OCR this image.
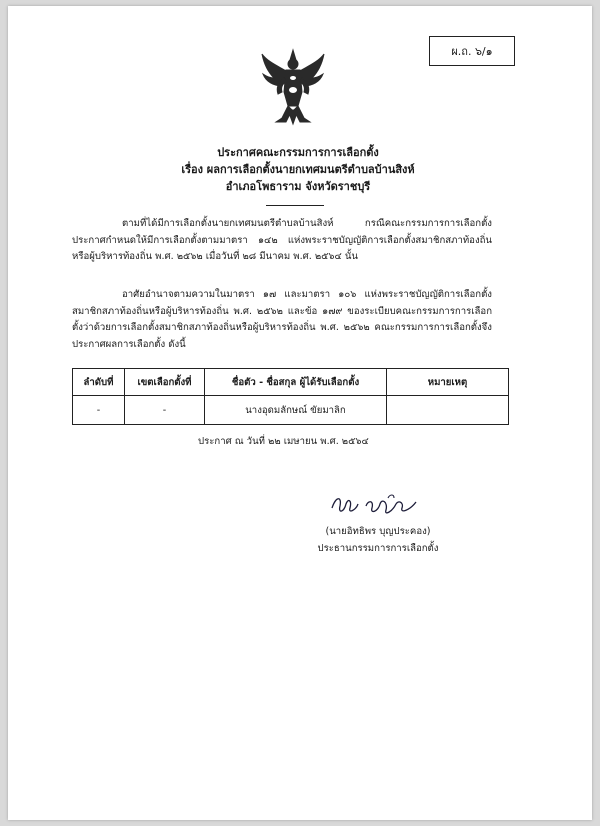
ผ.ถ. ๖/๑
ประกาศคณะกรรมการการเลือกตั้ง
เรื่อง ผลการเลือกตั้งนายกเทศมนตรีตำบลบ้านสิงห์
อำเภอโพธาราม จังหวัดราชบุรี

ตามที่ได้มีการเลือกตั้งนายกเทศมนตรีตำบลบ้านสิงห์ กรณีคณะกรรมการการเลือกตั้งประกาศกำหนดให้มีการเลือกตั้งตามมาตรา ๑๔๒ แห่งพระราชบัญญัติการเลือกตั้งสมาชิกสภาท้องถิ่นหรือผู้บริหารท้องถิ่น พ.ศ. ๒๕๖๒ เมื่อวันที่ ๒๘ มีนาคม พ.ศ. ๒๕๖๔ นั้น

อาศัยอำนาจตามความในมาตรา ๑๗ และมาตรา ๑๐๖ แห่งพระราชบัญญัติการเลือกตั้งสมาชิกสภาท้องถิ่นหรือผู้บริหารท้องถิ่น พ.ศ. ๒๕๖๒ และข้อ ๑๗๙ ของระเบียบคณะกรรมการการเลือกตั้งว่าด้วยการเลือกตั้งสมาชิกสภาท้องถิ่นหรือผู้บริหารท้องถิ่น พ.ศ. ๒๕๖๒ คณะกรรมการการเลือกตั้งจึงประกาศผลการเลือกตั้ง ดังนี้

ลำดับที่	เขตเลือกตั้งที่	ชื่อตัว - ชื่อสกุล ผู้ได้รับเลือกตั้ง	หมายเหตุ
-	-	นางอุดมลักษณ์ ขัยมาลิก	
ประกาศ ณ วันที่ ๒๒ เมษายน พ.ศ. ๒๕๖๔
(นายอิทธิพร บุญประคอง)
ประธานกรรมการการเลือกตั้ง
